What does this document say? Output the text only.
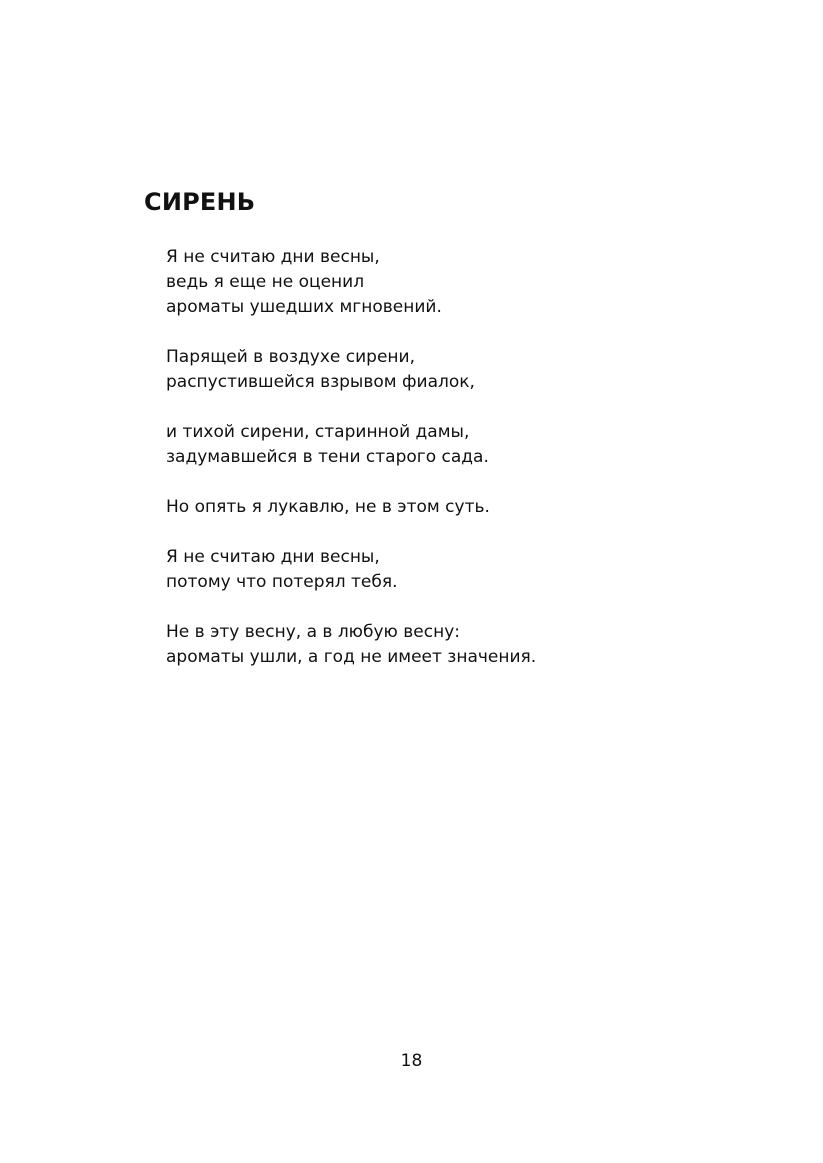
СИРЕНЬ
Я не считаю дни весны,
ведь я еще не оценил
ароматы ушедших мгновений.
Парящей в воздухе сирени,
распустившейся взрывом фиалок,
и тихой сирени, старинной дамы,
задумавшейся в тени старого сада.
Но опять я лукавлю, не в этом суть.
Я не считаю дни весны,
потому что потерял тебя.
Не в эту весну, а в любую весну:
ароматы ушли, а год не имеет значения.
18
